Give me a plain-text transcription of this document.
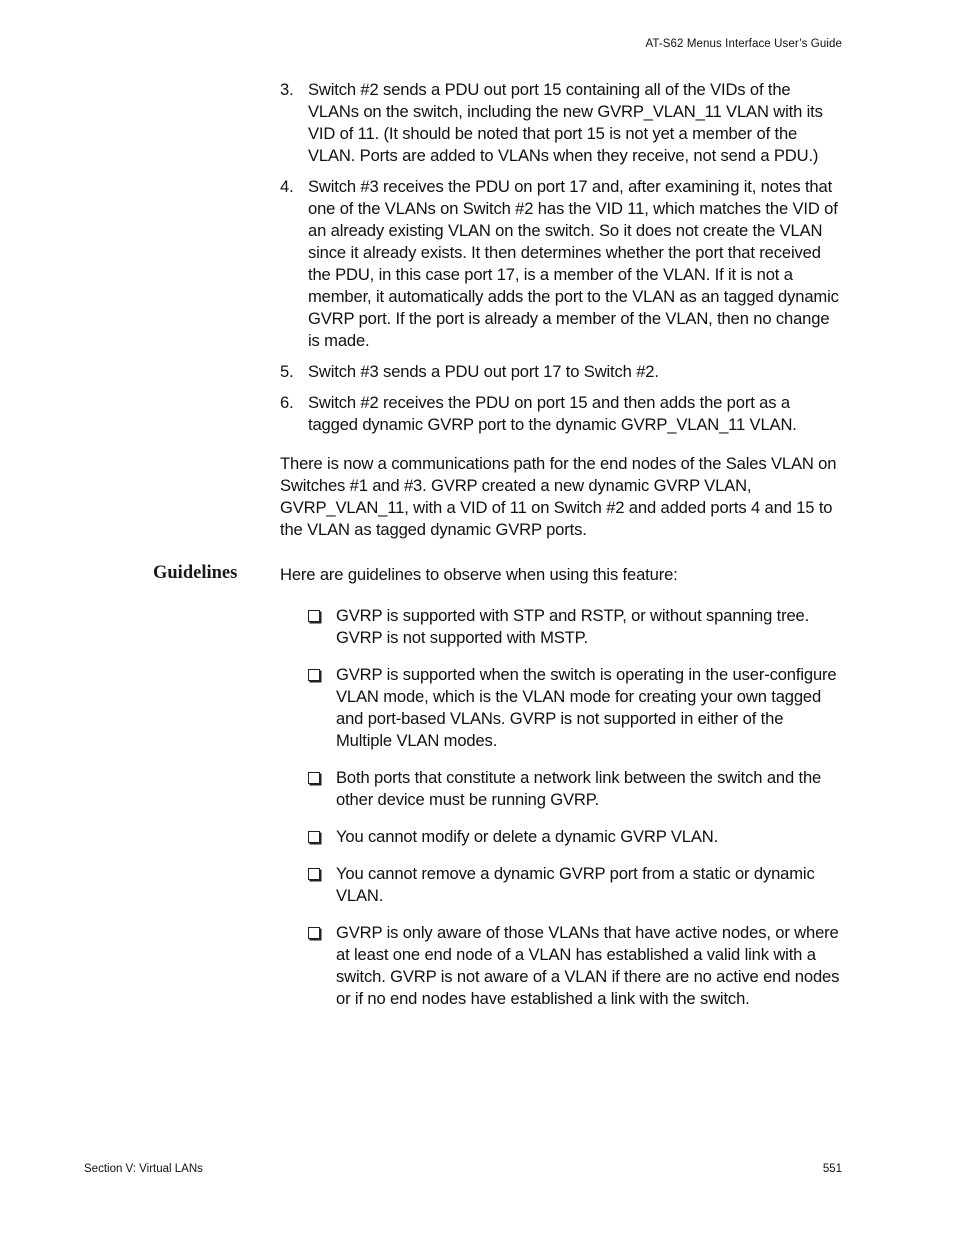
AT-S62 Menus Interface User’s Guide
3. Switch #2 sends a PDU out port 15 containing all of the VIDs of the VLANs on the switch, including the new GVRP_VLAN_11 VLAN with its VID of 11. (It should be noted that port 15 is not yet a member of the VLAN. Ports are added to VLANs when they receive, not send a PDU.)
4. Switch #3 receives the PDU on port 17 and, after examining it, notes that one of the VLANs on Switch #2 has the VID 11, which matches the VID of an already existing VLAN on the switch. So it does not create the VLAN since it already exists. It then determines whether the port that received the PDU, in this case port 17, is a member of the VLAN. If it is not a member, it automatically adds the port to the VLAN as an tagged dynamic GVRP port. If the port is already a member of the VLAN, then no change is made.
5. Switch #3 sends a PDU out port 17 to Switch #2.
6. Switch #2 receives the PDU on port 15 and then adds the port as a tagged dynamic GVRP port to the dynamic GVRP_VLAN_11 VLAN.

There is now a communications path for the end nodes of the Sales VLAN on Switches #1 and #3. GVRP created a new dynamic GVRP VLAN, GVRP_VLAN_11, with a VID of 11 on Switch #2 and added ports 4 and 15 to the VLAN as tagged dynamic GVRP ports.

Guidelines	Here are guidelines to observe when using this feature:

GVRP is supported with STP and RSTP, or without spanning tree. GVRP is not supported with MSTP.
GVRP is supported when the switch is operating in the user-configure VLAN mode, which is the VLAN mode for creating your own tagged and port-based VLANs. GVRP is not supported in either of the Multiple VLAN modes.
Both ports that constitute a network link between the switch and the other device must be running GVRP.
You cannot modify or delete a dynamic GVRP VLAN.
You cannot remove a dynamic GVRP port from a static or dynamic VLAN.
GVRP is only aware of those VLANs that have active nodes, or where at least one end node of a VLAN has established a valid link with a switch. GVRP is not aware of a VLAN if there are no active end nodes or if no end nodes have established a link with the switch.
Section V: Virtual LANs	551
